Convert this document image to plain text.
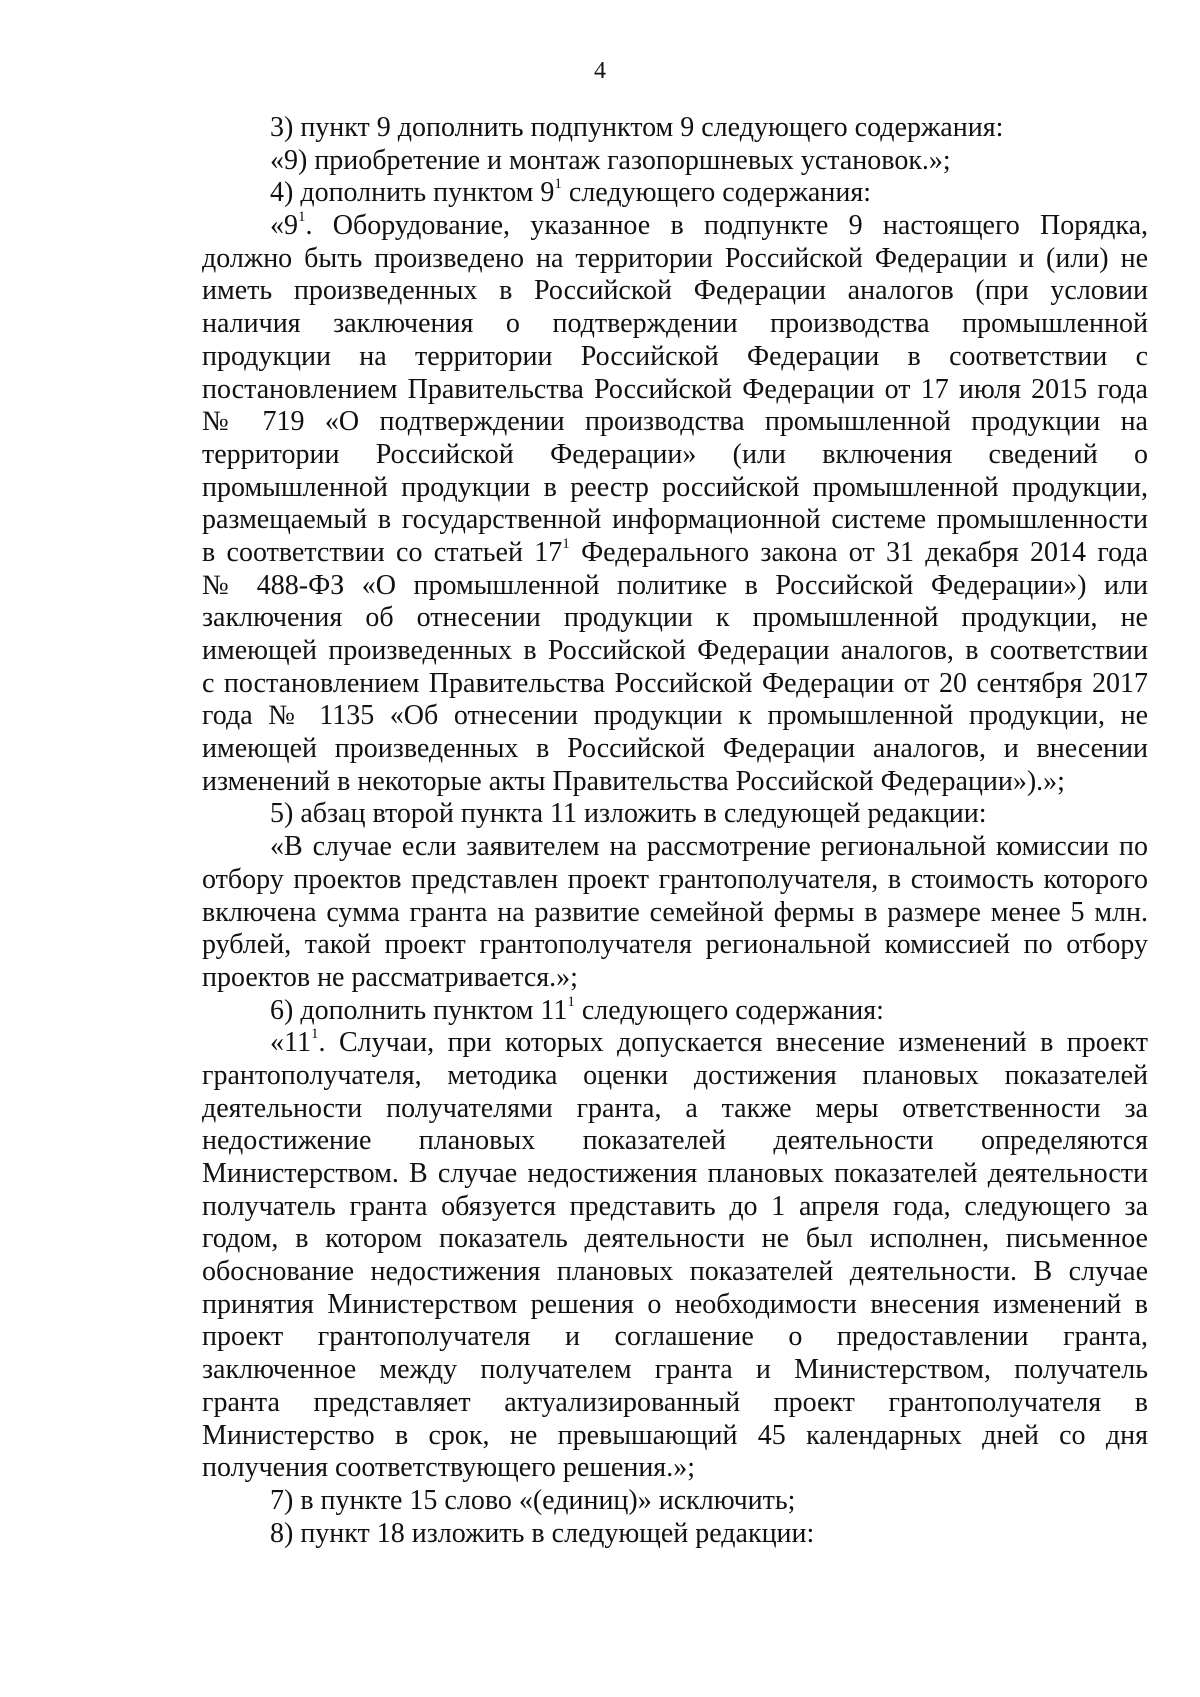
4
3) пункт 9 дополнить подпунктом 9 следующего содержания:
«9) приобретение и монтаж газопоршневых установок.»;
4) дополнить пунктом $9^1$ следующего содержания:
«$9^1$. Оборудование, указанное в подпункте 9 настоящего Порядка,
должно быть произведено на территории Российской Федерации и (или) не
иметь произведенных в Российской Федерации аналогов (при условии
наличия заключения о подтверждении производства промышленной
продукции на территории Российской Федерации в соответствии с
постановлением Правительства Российской Федерации от 17 июля 2015 года
№ 719 «О подтверждении производства промышленной продукции на
территории Российской Федерации» (или включения сведений о
промышленной продукции в реестр российской промышленной продукции,
размещаемый в государственной информационной системе промышленности
в соответствии со статьей $17^1$ Федерального закона от 31 декабря 2014 года
№ 488-ФЗ «О промышленной политике в Российской Федерации») или
заключения об отнесении продукции к промышленной продукции, не
имеющей произведенных в Российской Федерации аналогов, в соответствии
с постановлением Правительства Российской Федерации от 20 сентября 2017
года № 1135 «Об отнесении продукции к промышленной продукции, не
имеющей произведенных в Российской Федерации аналогов, и внесении
изменений в некоторые акты Правительства Российской Федерации»).»;
5) абзац второй пункта 11 изложить в следующей редакции:
«В случае если заявителем на рассмотрение региональной комиссии по
отбору проектов представлен проект грантополучателя, в стоимость которого
включена сумма гранта на развитие семейной фермы в размере менее 5 млн.
рублей, такой проект грантополучателя региональной комиссией по отбору
проектов не рассматривается.»;
6) дополнить пунктом $11^1$ следующего содержания:
«$11^1$. Случаи, при которых допускается внесение изменений в проект
грантополучателя, методика оценки достижения плановых показателей
деятельности получателями гранта, а также меры ответственности за
недостижение плановых показателей деятельности определяются
Министерством. В случае недостижения плановых показателей деятельности
получатель гранта обязуется представить до 1 апреля года, следующего за
годом, в котором показатель деятельности не был исполнен, письменное
обоснование недостижения плановых показателей деятельности. В случае
принятия Министерством решения о необходимости внесения изменений в
проект грантополучателя и соглашение о предоставлении гранта,
заключенное между получателем гранта и Министерством, получатель
гранта представляет актуализированный проект грантополучателя в
Министерство в срок, не превышающий 45 календарных дней со дня
получения соответствующего решения.»;
7) в пункте 15 слово «(единиц)» исключить;
8) пункт 18 изложить в следующей редакции:
